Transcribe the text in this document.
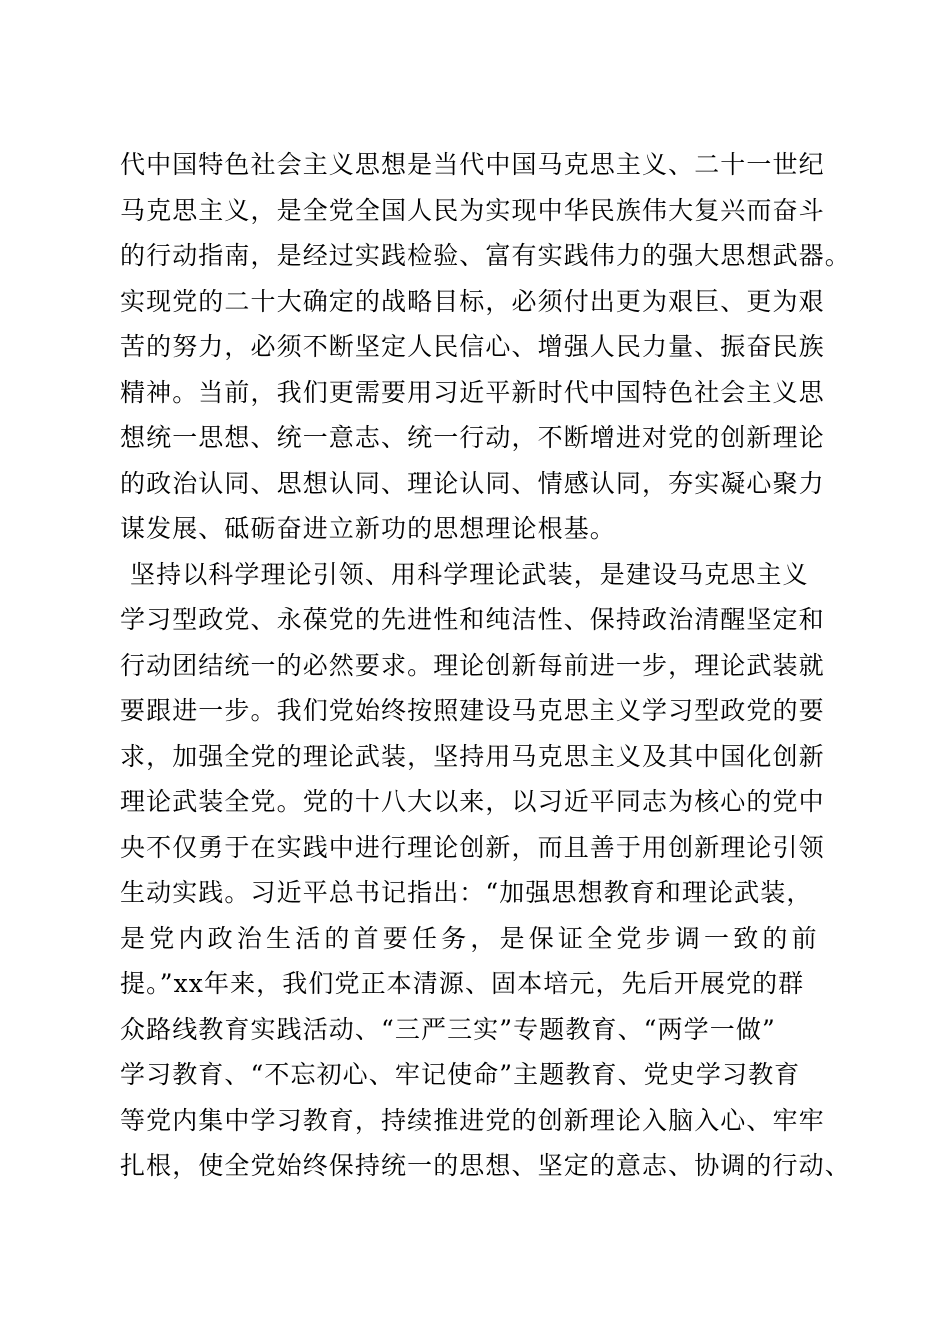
代中国特色社会主义思想是当代中国马克思主义、二十一世纪
马克思主义，是全党全国人民为实现中华民族伟大复兴而奋斗
的行动指南，是经过实践检验、富有实践伟力的强大思想武器。
实现党的二十大确定的战略目标，必须付出更为艰巨、更为艰
苦的努力，必须不断坚定人民信心、增强人民力量、振奋民族
精神。当前，我们更需要用习近平新时代中国特色社会主义思
想统一思想、统一意志、统一行动，不断增进对党的创新理论
的政治认同、思想认同、理论认同、情感认同，夯实凝心聚力
谋发展、砥砺奋进立新功的思想理论根基。
坚持以科学理论引领、用科学理论武装，是建设马克思主义
学习型政党、永葆党的先进性和纯洁性、保持政治清醒坚定和
行动团结统一的必然要求。理论创新每前进一步，理论武装就
要跟进一步。我们党始终按照建设马克思主义学习型政党的要
求，加强全党的理论武装，坚持用马克思主义及其中国化创新
理论武装全党。党的十八大以来，以习近平同志为核心的党中
央不仅勇于在实践中进行理论创新，而且善于用创新理论引领
生动实践。习近平总书记指出：“加强思想教育和理论武装，
是党内政治生活的首要任务，是保证全党步调一致的前
提。”xx年来，我们党正本清源、固本培元，先后开展党的群
众路线教育实践活动、“三严三实”专题教育、“两学一做”
学习教育、“不忘初心、牢记使命”主题教育、党史学习教育
等党内集中学习教育，持续推进党的创新理论入脑入心、牢牢
扎根，使全党始终保持统一的思想、坚定的意志、协调的行动、
